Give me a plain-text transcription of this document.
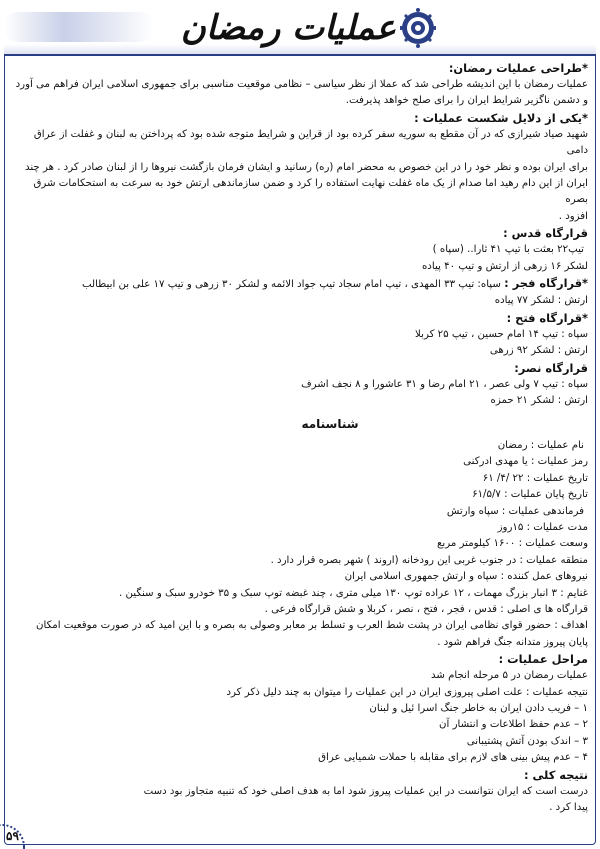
عملیات رمضان
*طراحی عملیات رمضان:

عملیات رمضان با این اندیشه طراحی شد که عملا از نظر سیاسی – نظامی موقعیت مناسبی برای جمهوری اسلامی ایران فراهم می آورد

و دشمن ناگزیر شرایط ایران را برای صلح خواهد پذیرفت.

*یکی از دلایل شکست عملیات :

شهید صیاد شیرازی که در آن مقطع به سوریه سفر کرده بود از قراین و شرایط متوجه شده بود که پرداختن به لبنان و غفلت از عراق دامی

برای ایران بوده و نظر خود را در این خصوص به محضر امام (ره) رسانید و ایشان فرمان بازگشت نیروها را از لبنان صادر کرد . هر چند

ایران از این دام رهید اما صدام از یک ماه غفلت نهایت استفاده را کرد و ضمن سازماندهی ارتش خود به سرعت به استحکامات شرق بصره

افزود .

قرارگاه قدس :

تیپ۲۲ بعثت با تیپ ۴۱ ثارا.. (سپاه )

لشکر ۱۶ زرهی از ارتش و تیپ ۴۰ پیاده

*قرارگاه فجر : سپاه: تیپ ۳۳ المهدی ، تیپ امام سجاد تیپ جواد الائمه و لشکر ۳۰ زرهی و تیپ ۱۷ علی بن ابیطالب

ارتش : لشکر ۷۷ پیاده

*قرارگاه فتح :

سپاه : تیپ ۱۴ امام حسین ، تیپ ۲۵ کربلا

ارتش : لشکر ۹۲ زرهی

قرارگاه نصر:

سپاه : تیپ ۷ ولی عصر ، ۲۱ امام رضا و ۳۱ عاشورا و ۸ نجف اشرف

ارتش : لشکر ۲۱ حمزه

شناسنامه

نام عملیات : رمضان

رمز عملیات : یا مهدی ادرکنی

تاریخ عملیات : ۲۲ /۴/ ۶۱

تاریخ پایان عملیات : ۶۱/۵/۷

فرماندهی عملیات : سپاه وارتش

مدت عملیات : ۱۵روز

وسعت عملیات : ۱۶۰۰ کیلومتر مربع

منطقه عملیات : در جنوب غربی این رودخانه (اروند ) شهر بصره قرار دارد .

نیروهای عمل کننده : سپاه و ارتش جمهوری اسلامی ایران

غنایم : ۳ انبار بزرگ مهمات ، ۱۲ عراده توپ ۱۳۰ میلی متری ، چند غبضه توپ سبک و ۳۵ خودرو سبک و سنگین .

قرارگاه ها ی اصلی : قدس ، فجر ، فتح ، نصر ، کربلا و شش قرارگاه فرعی .

اهداف : حضور قوای نظامی ایران در پشت شط العرب و تسلط بر معابر وصولی به بصره و با این امید که در صورت موقعیت امکان

پایان پیروز متدانه جنگ فراهم شود .

مراحل عملیات :

عملیات رمضان در ۵ مرحله انجام شد

نتیجه عملیات : علت اصلی پیروزی ایران در این عملیات را میتوان به چند دلیل ذکر کرد

۱ – فریب دادن ایران به خاطر جنگ اسرا ئیل و لبنان

۲ – عدم حفظ اطلاعات و انتشار آن

۳ – اندک بودن آتش پشتیبانی

۴ – عدم پیش بینی های لازم برای مقابله با حملات شمیایی عراق

نتیجه کلی :

درست است که ایران نتوانست در این عملیات پیروز شود اما به هدف اصلی خود که تنبیه متجاوز بود دست

پیدا کرد .

۵۹
